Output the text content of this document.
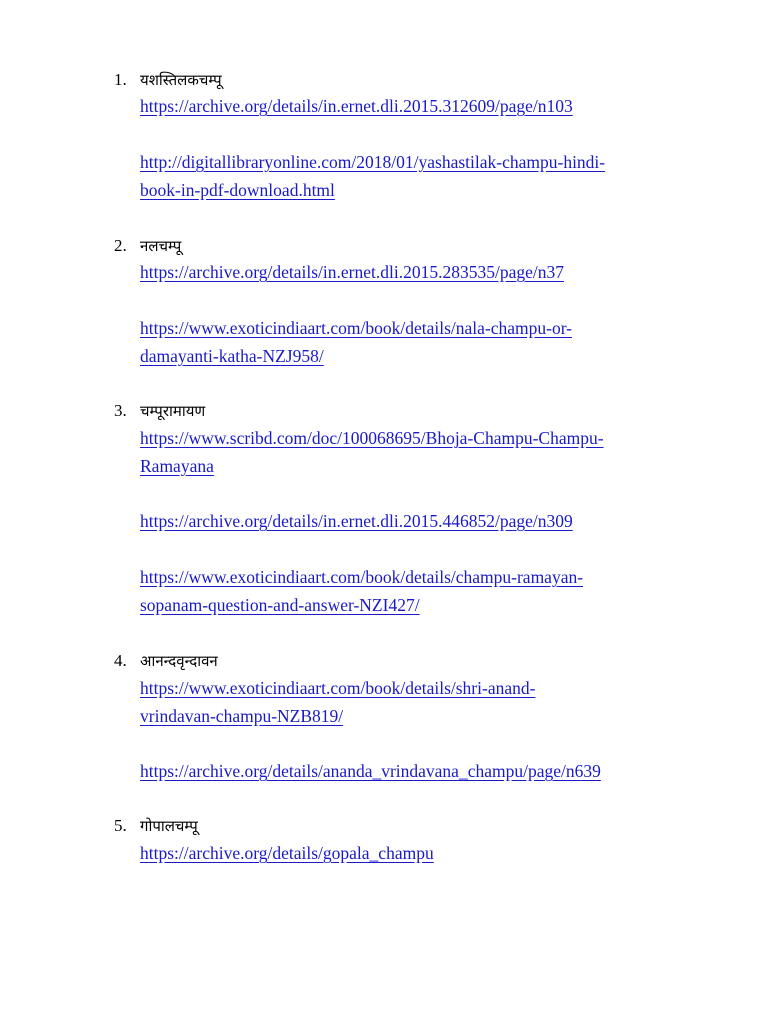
1. यशस्तिलकचम्पू
https://archive.org/details/in.ernet.dli.2015.312609/page/n103
http://digitallibraryonline.com/2018/01/yashastilak-champu-hindi-
book-in-pdf-download.html
2. नलचम्पू
https://archive.org/details/in.ernet.dli.2015.283535/page/n37
https://www.exoticindiaart.com/book/details/nala-champu-or-
damayanti-katha-NZJ958/
3. चम्पूरामायण
https://www.scribd.com/doc/100068695/Bhoja-Champu-Champu-
Ramayana
https://archive.org/details/in.ernet.dli.2015.446852/page/n309
https://www.exoticindiaart.com/book/details/champu-ramayan-
sopanam-question-and-answer-NZI427/
4. आनन्दवृन्दावन
https://www.exoticindiaart.com/book/details/shri-anand-
vrindavan-champu-NZB819/
https://archive.org/details/ananda_vrindavana_champu/page/n639
5. गोपालचम्पू
https://archive.org/details/gopala_champu
